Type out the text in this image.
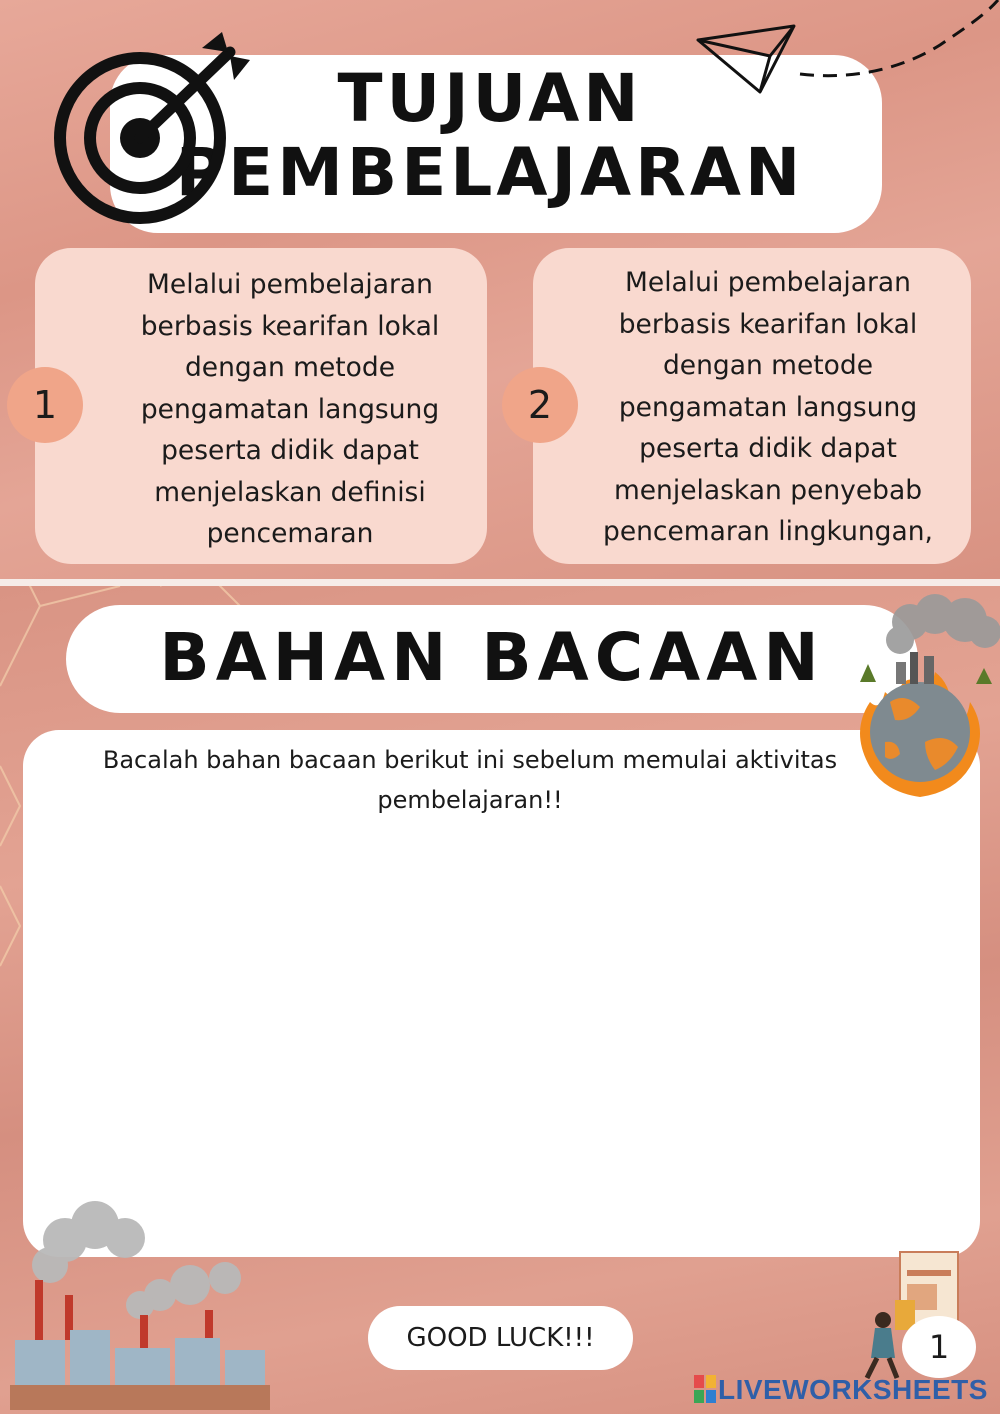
TUJUAN
PEMBELAJARAN
Melalui pembelajaran
berbasis kearifan lokal
dengan metode
pengamatan langsung
peserta didik dapat
menjelaskan definisi
pencemaran
1
Melalui pembelajaran
berbasis kearifan lokal
dengan metode
pengamatan langsung
peserta didik dapat
menjelaskan penyebab
pencemaran lingkungan,
2
BAHAN BACAAN
Bacalah bahan bacaan berikut ini sebelum memulai aktivitas
pembelajaran!!
GOOD LUCK!!!	1
LIVEWORKSHEETS
